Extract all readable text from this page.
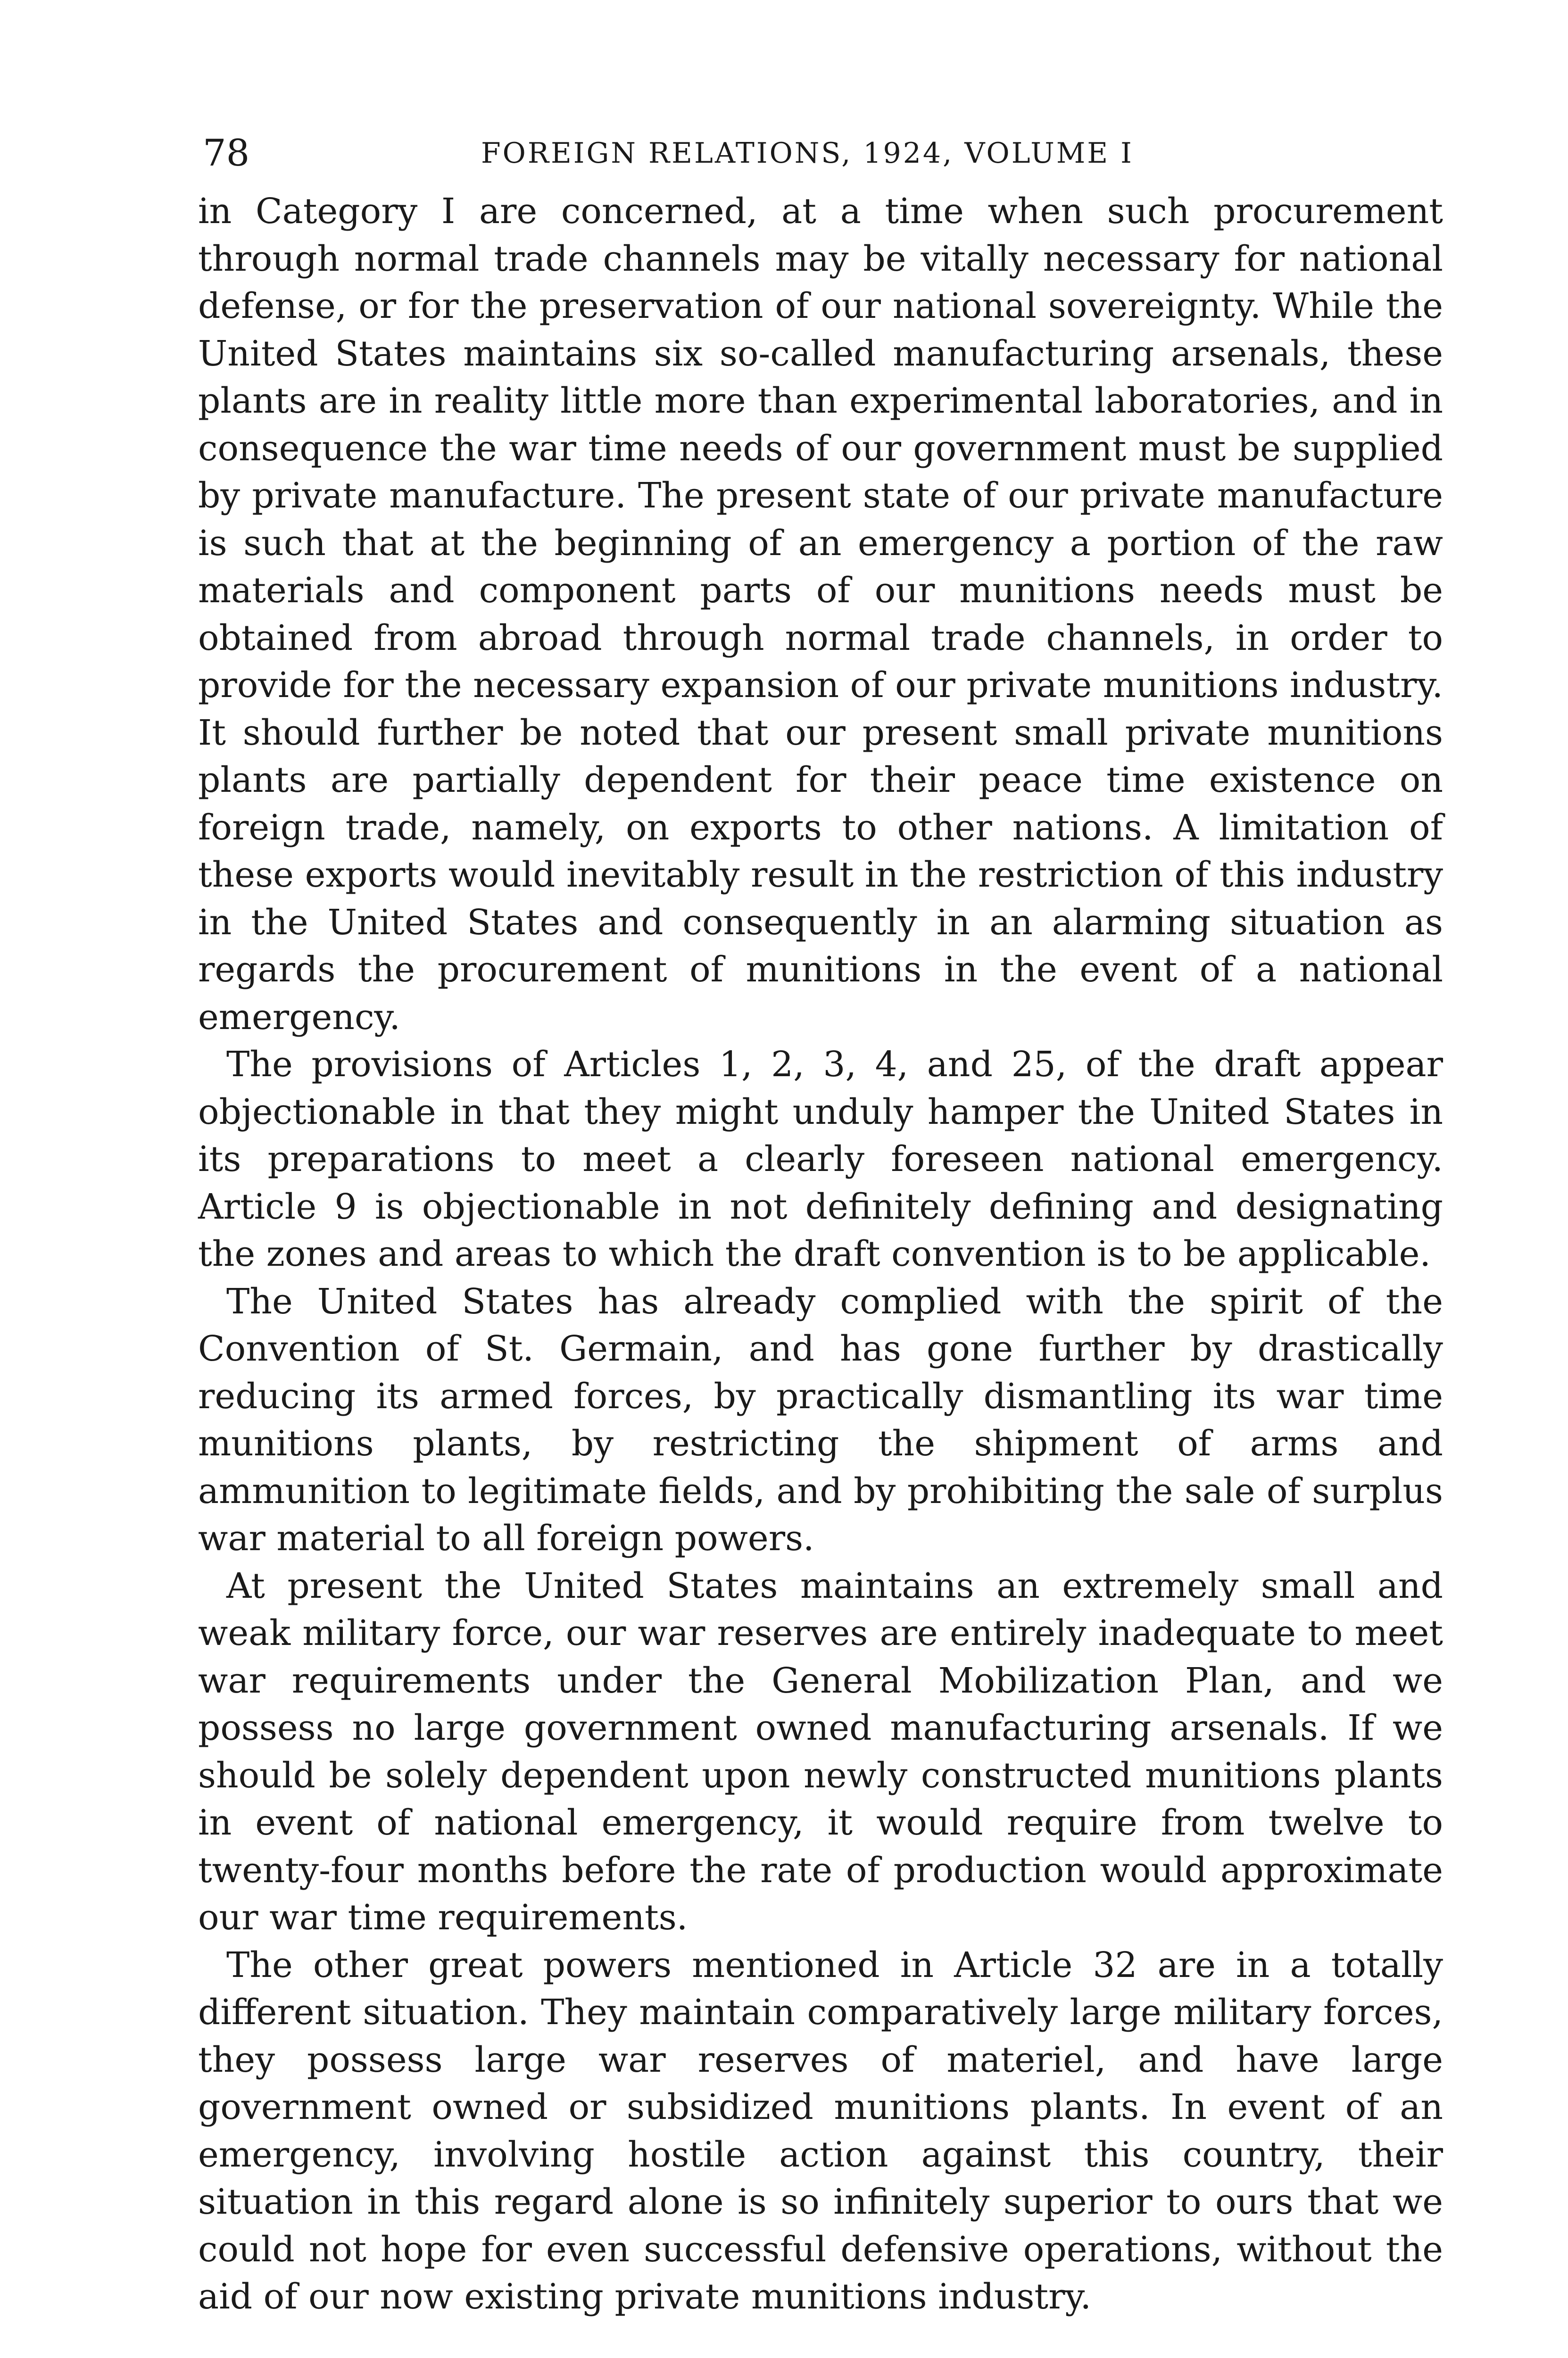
78	FOREIGN RELATIONS, 1924, VOLUME I

in Category I are concerned, at a time when such procurement through normal trade channels may be vitally necessary for national defense, or for the preservation of our national sovereignty. While the United States maintains six so-called manufacturing arsenals, these plants are in reality little more than experimental laboratories, and in consequence the war time needs of our government must be supplied by private manufacture. The present state of our private manufacture is such that at the beginning of an emergency a portion of the raw materials and component parts of our munitions needs must be obtained from abroad through normal trade channels, in order to provide for the necessary expansion of our private munitions industry. It should further be noted that our present small private munitions plants are partially dependent for their peace time existence on foreign trade, namely, on exports to other nations. A limitation of these exports would inevitably result in the restriction of this industry in the United States and consequently in an alarming situation as regards the procurement of munitions in the event of a national emergency.

The provisions of Articles 1, 2, 3, 4, and 25, of the draft appear objectionable in that they might unduly hamper the United States in its preparations to meet a clearly foreseen national emergency. Article 9 is objectionable in not definitely defining and designating the zones and areas to which the draft convention is to be applicable.

The United States has already complied with the spirit of the Convention of St. Germain, and has gone further by drastically reducing its armed forces, by practically dismantling its war time munitions plants, by restricting the shipment of arms and ammunition to legitimate fields, and by prohibiting the sale of surplus war material to all foreign powers.

At present the United States maintains an extremely small and weak military force, our war reserves are entirely inadequate to meet war requirements under the General Mobilization Plan, and we possess no large government owned manufacturing arsenals. If we should be solely dependent upon newly constructed munitions plants in event of national emergency, it would require from twelve to twenty-four months before the rate of production would approximate our war time requirements.

The other great powers mentioned in Article 32 are in a totally different situation. They maintain comparatively large military forces, they possess large war reserves of materiel, and have large government owned or subsidized munitions plants. In event of an emergency, involving hostile action against this country, their situation in this regard alone is so infinitely superior to ours that we could not hope for even successful defensive operations, without the aid of our now existing private munitions industry.
